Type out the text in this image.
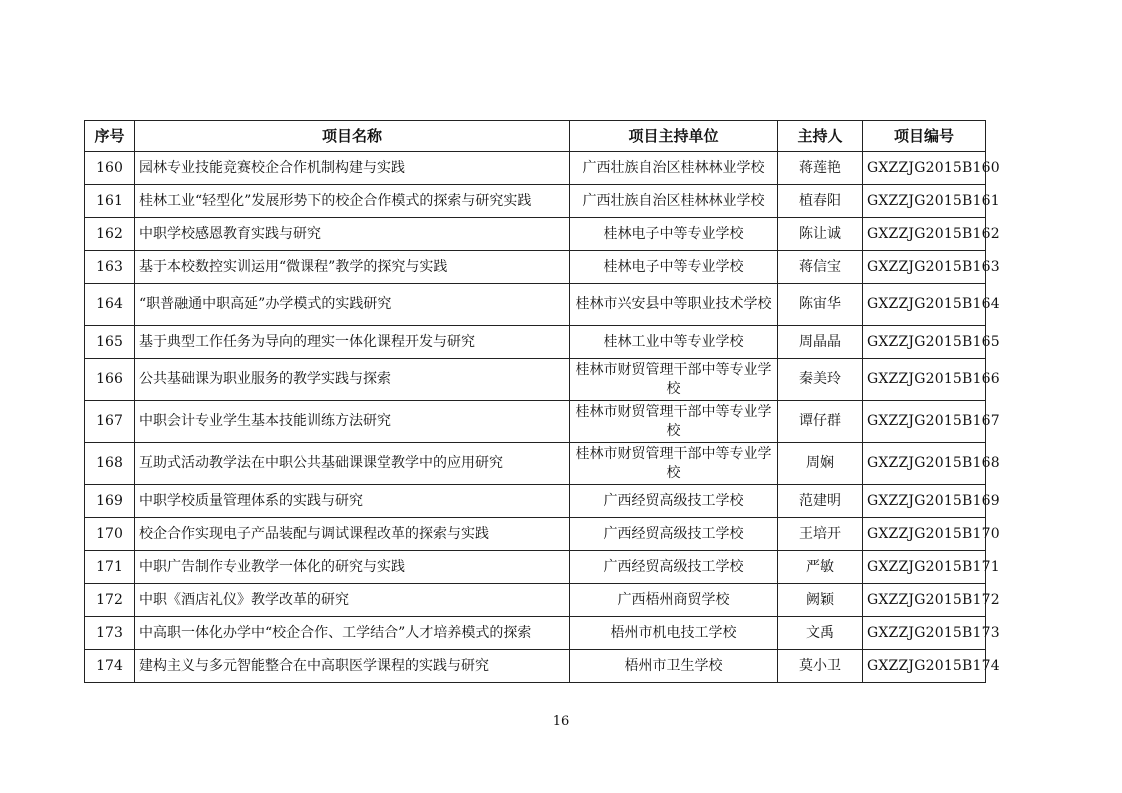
序号	项目名称	项目主持单位	主持人	项目编号
160	园林专业技能竞赛校企合作机制构建与实践	广西壮族自治区桂林林业学校	蒋莲艳	GXZZJG2015B160
161	桂林工业“轻型化”发展形势下的校企合作模式的探索与研究实践	广西壮族自治区桂林林业学校	植春阳	GXZZJG2015B161
162	中职学校感恩教育实践与研究	桂林电子中等专业学校	陈让诚	GXZZJG2015B162
163	基于本校数控实训运用“微课程”教学的探究与实践	桂林电子中等专业学校	蒋信宝	GXZZJG2015B163
164	“职普融通中职高延”办学模式的实践研究	桂林市兴安县中等职业技术学校	陈宙华	GXZZJG2015B164
165	基于典型工作任务为导向的理实一体化课程开发与研究	桂林工业中等专业学校	周晶晶	GXZZJG2015B165
166	公共基础课为职业服务的教学实践与探索	桂林市财贸管理干部中等专业学校	秦美玲	GXZZJG2015B166
167	中职会计专业学生基本技能训练方法研究	桂林市财贸管理干部中等专业学校	谭仔群	GXZZJG2015B167
168	互助式活动教学法在中职公共基础课课堂教学中的应用研究	桂林市财贸管理干部中等专业学校	周娴	GXZZJG2015B168
169	中职学校质量管理体系的实践与研究	广西经贸高级技工学校	范建明	GXZZJG2015B169
170	校企合作实现电子产品装配与调试课程改革的探索与实践	广西经贸高级技工学校	王培开	GXZZJG2015B170
171	中职广告制作专业教学一体化的研究与实践	广西经贸高级技工学校	严敏	GXZZJG2015B171
172	中职《酒店礼仪》教学改革的研究	广西梧州商贸学校	阙颖	GXZZJG2015B172
173	中高职一体化办学中“校企合作、工学结合”人才培养模式的探索	梧州市机电技工学校	文禹	GXZZJG2015B173
174	建构主义与多元智能整合在中高职医学课程的实践与研究	梧州市卫生学校	莫小卫	GXZZJG2015B174
16
